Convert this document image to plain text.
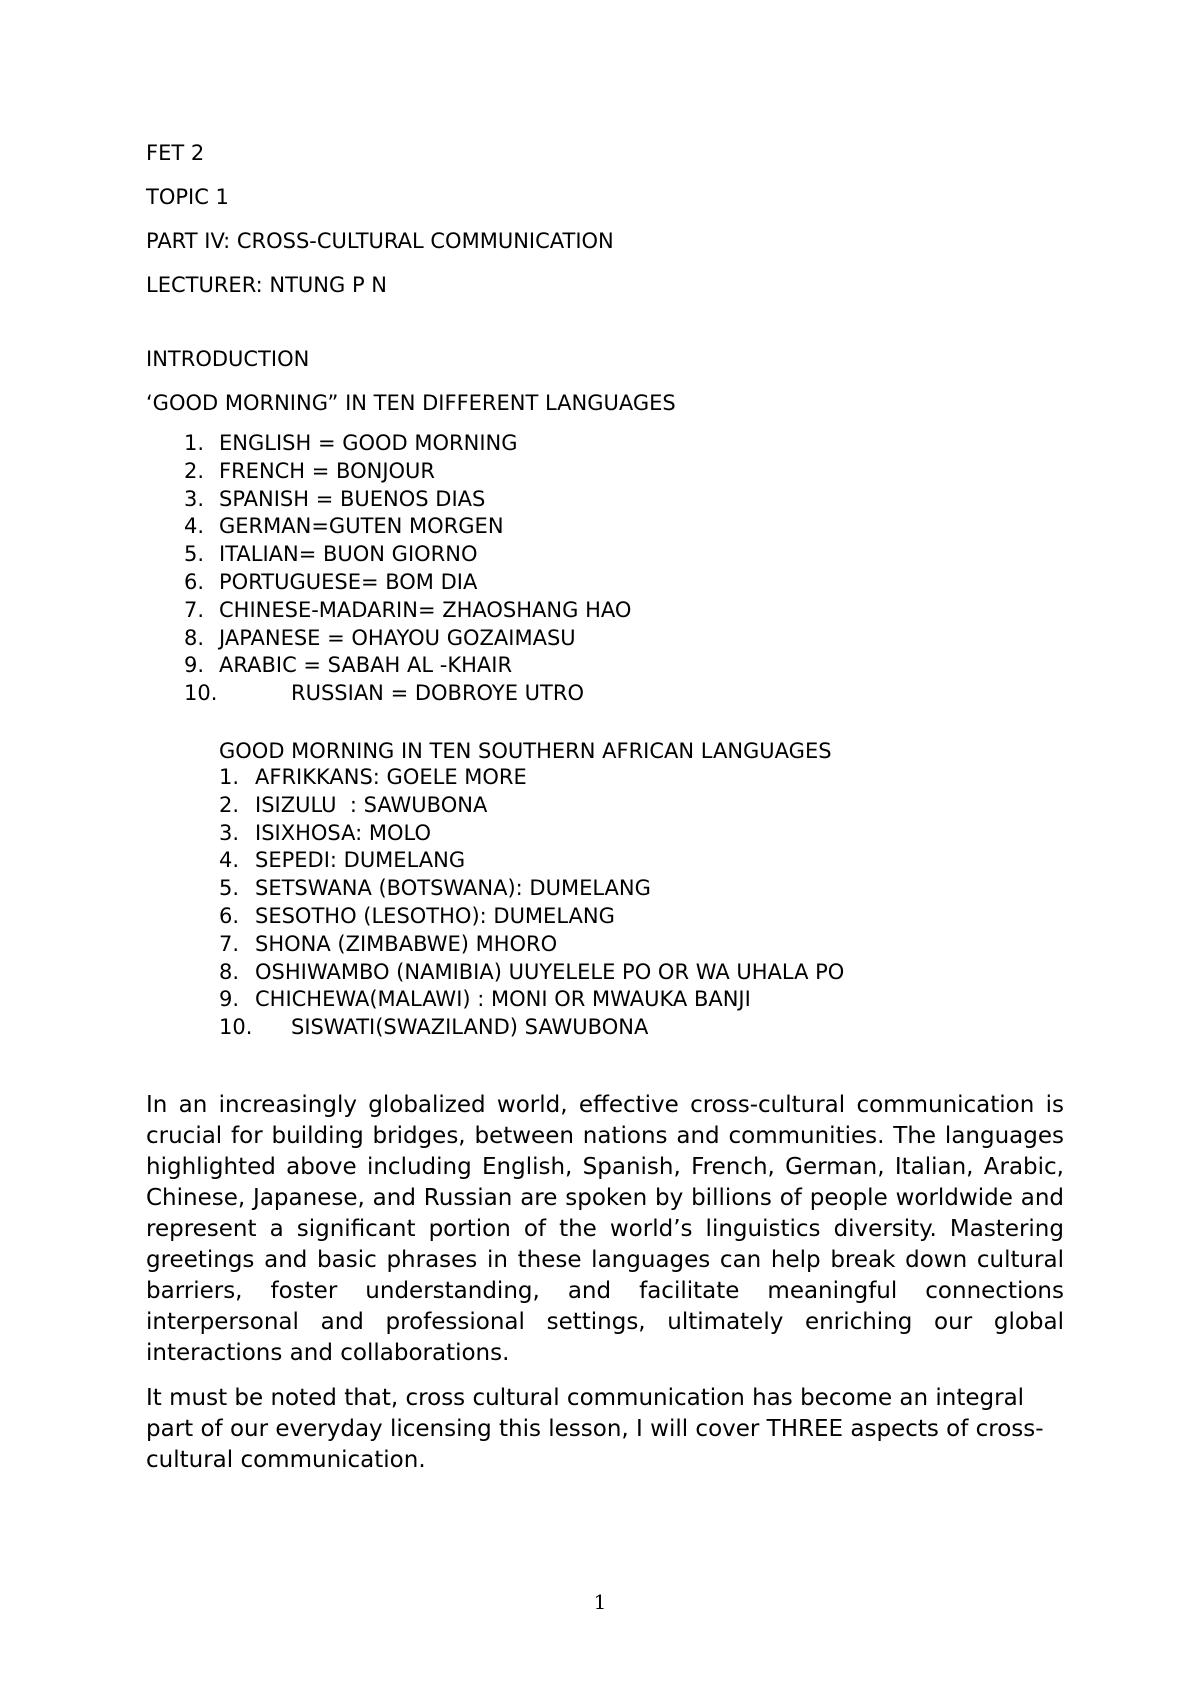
FET 2
TOPIC 1
PART IV: CROSS-CULTURAL COMMUNICATION
LECTURER: NTUNG P N
INTRODUCTION
‘GOOD MORNING” IN TEN DIFFERENT LANGUAGES
1. ENGLISH = GOOD MORNING
2. FRENCH = BONJOUR
3. SPANISH = BUENOS DIAS
4. GERMAN=GUTEN MORGEN
5. ITALIAN= BUON GIORNO
6. PORTUGUESE= BOM DIA
7. CHINESE-MADARIN= ZHAOSHANG HAO
8. JAPANESE = OHAYOU GOZAIMASU
9. ARABIC = SABAH AL -KHAIR
10.	RUSSIAN = DOBROYE UTRO
GOOD MORNING IN TEN SOUTHERN AFRICAN LANGUAGES
1. AFRIKKANS: GOELE MORE
2. ISIZULU  : SAWUBONA
3. ISIXHOSA: MOLO
4. SEPEDI: DUMELANG
5. SETSWANA (BOTSWANA): DUMELANG
6. SESOTHO (LESOTHO): DUMELANG
7. SHONA (ZIMBABWE) MHORO
8. OSHIWAMBO (NAMIBIA) UUYELELE PO OR WA UHALA PO
9. CHICHEWA(MALAWI) : MONI OR MWAUKA BANJI
10. SISWATI(SWAZILAND) SAWUBONA

In an increasingly globalized world, effective cross-cultural communication is crucial for building bridges, between nations and communities. The languages highlighted above including English, Spanish, French, German, Italian, Arabic, Chinese, Japanese, and Russian are spoken by billions of people worldwide and represent a significant portion of the world’s linguistics diversity. Mastering greetings and basic phrases in these languages can help break down cultural barriers, foster understanding, and facilitate meaningful connections interpersonal and professional settings, ultimately enriching our global interactions and collaborations.

It must be noted that, cross cultural communication has become an integral part of our everyday licensing this lesson, I will cover THREE aspects of cross-cultural communication.

1
